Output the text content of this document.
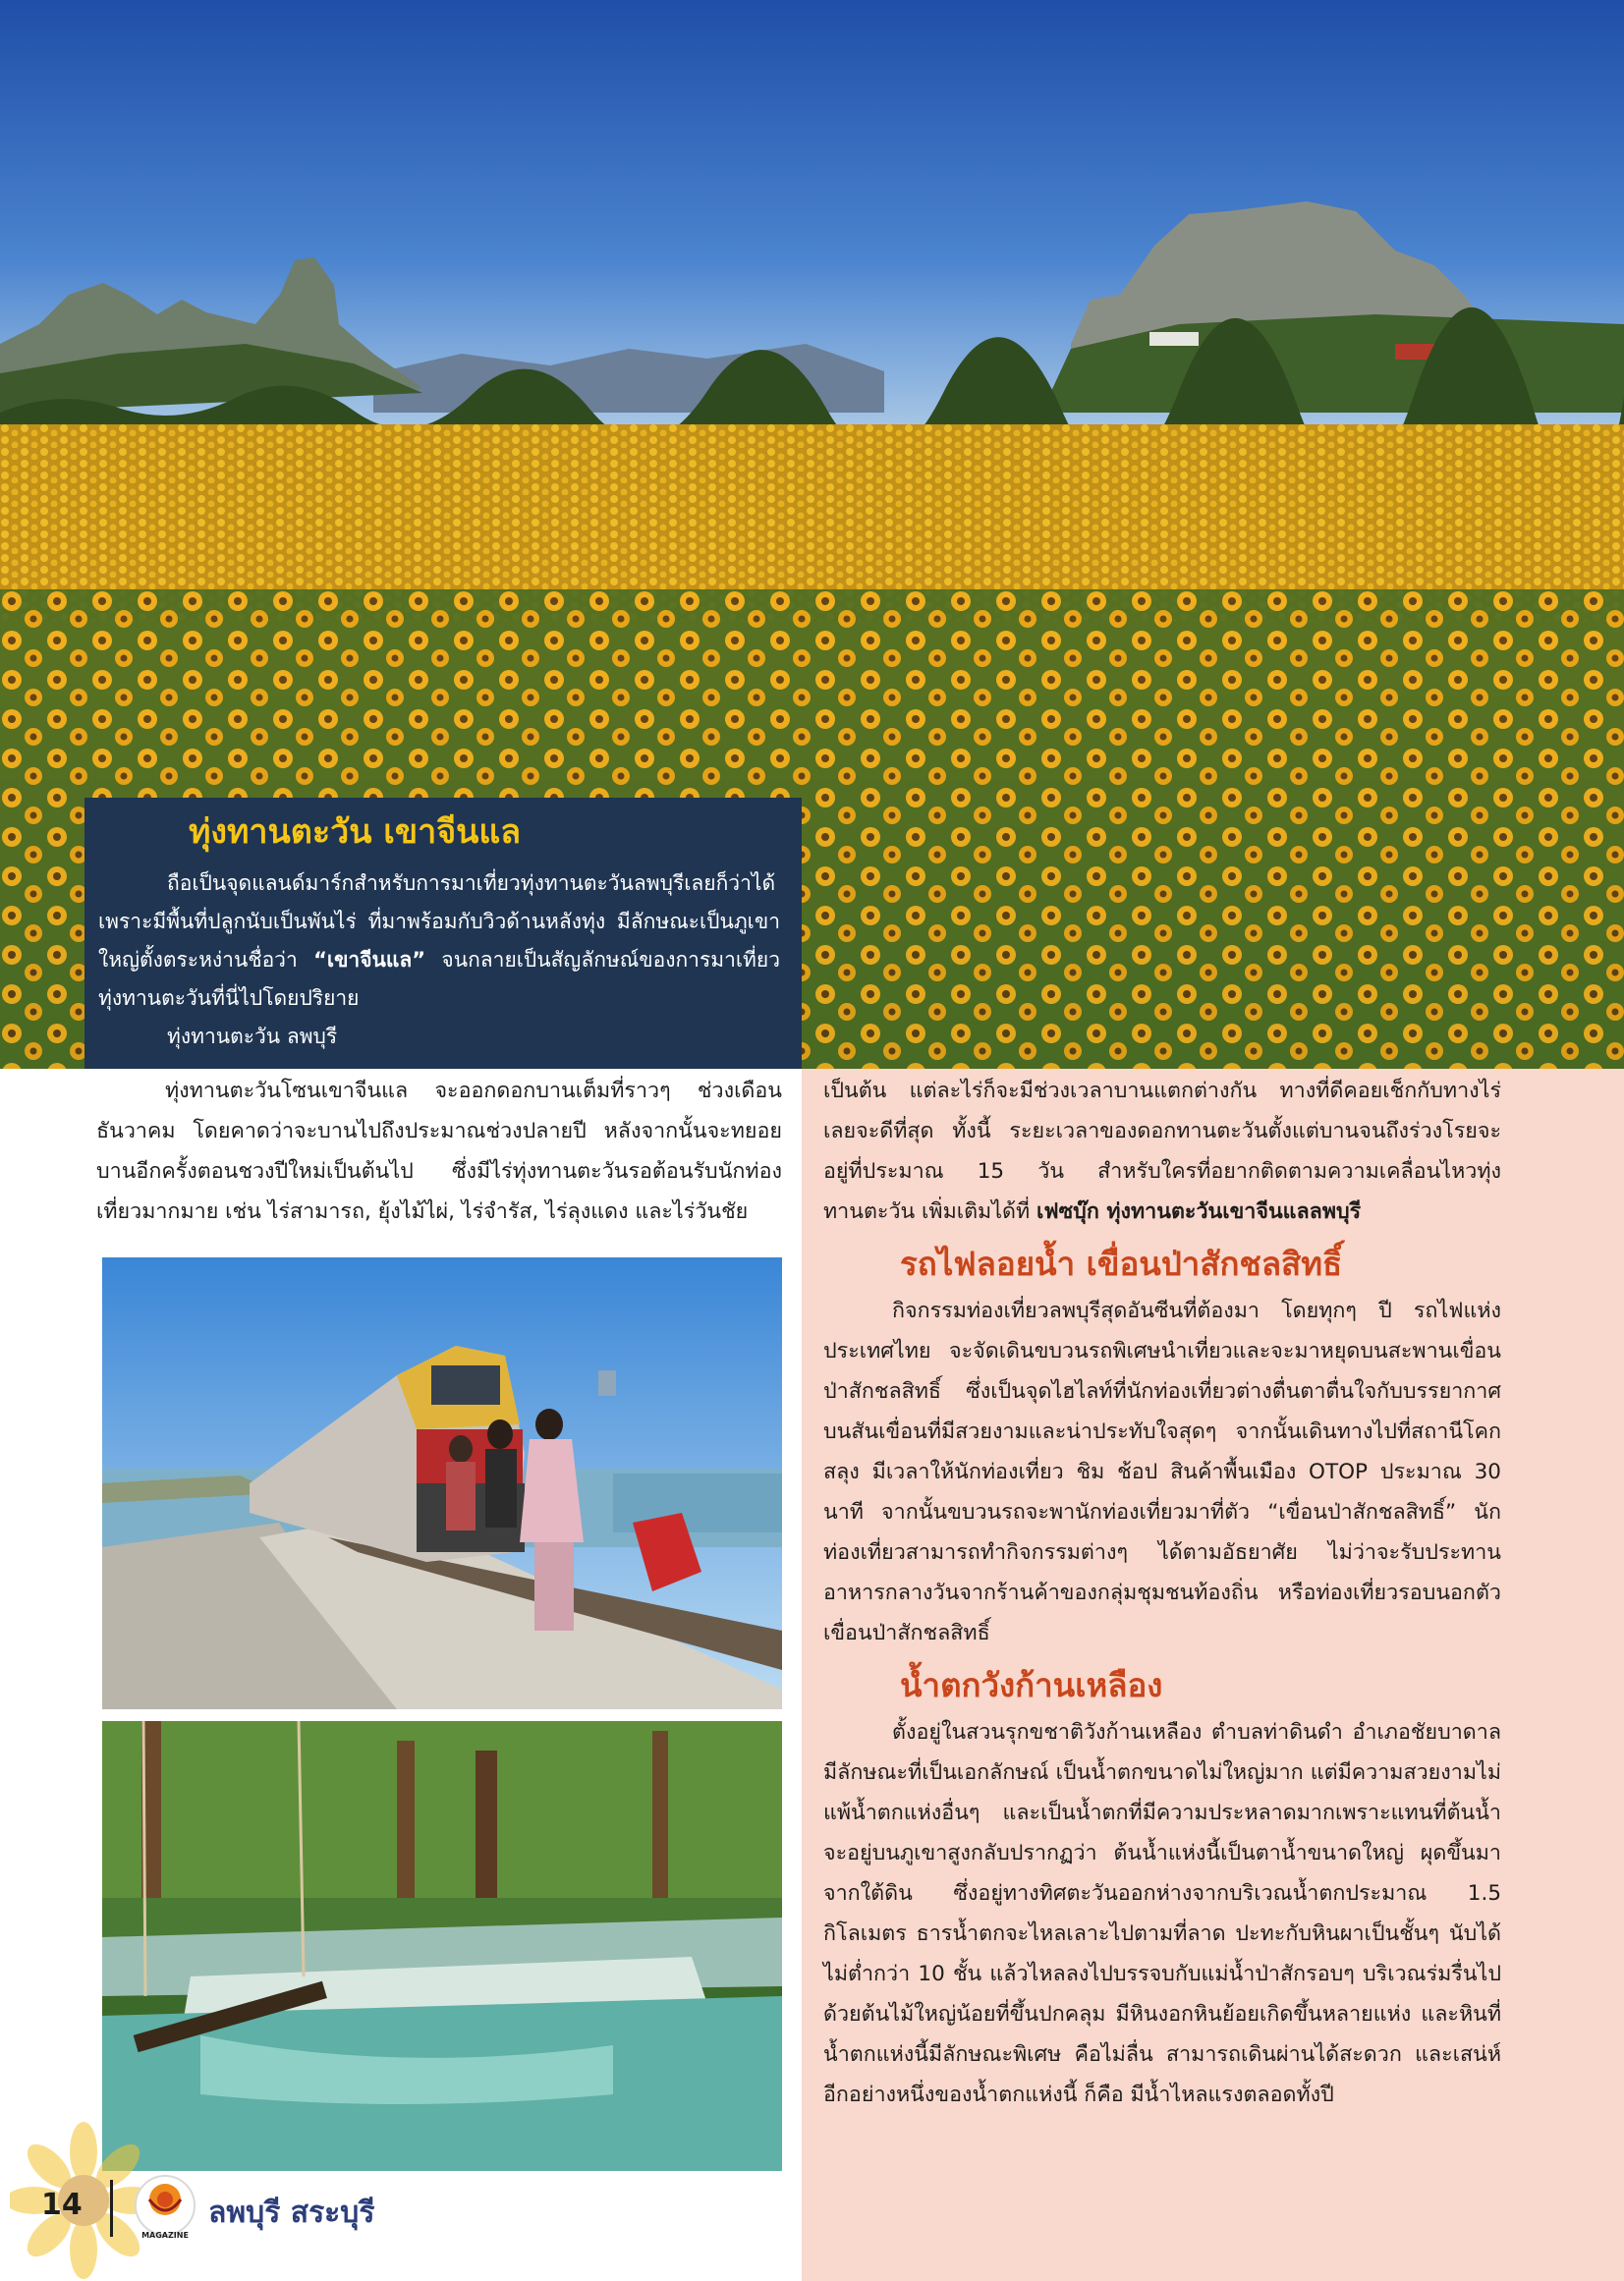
ทุ่งทานตะวัน เขาจีนแล

ถือเป็นจุดแลนด์มาร์กสำหรับการมาเที่ยวทุ่งทานตะวันลพบุรีเลยก็ว่าได้ เพราะมีพื้นที่ปลูกนับเป็นพันไร่ ที่มาพร้อมกับวิวด้านหลังทุ่ง มีลักษณะเป็นภูเขาใหญ่ตั้งตระหง่านชื่อว่า “เขาจีนแล” จนกลายเป็นสัญลักษณ์ของการมาเที่ยวทุ่งทานตะวันที่นี่ไปโดยปริยาย

ทุ่งทานตะวัน ลพบุรี

ทุ่งทานตะวันโซนเขาจีนแล จะออกดอกบานเต็มที่ราวๆ ช่วงเดือนธันวาคม โดยคาดว่าจะบานไปถึงประมาณช่วงปลายปี หลังจากนั้นจะทยอยบานอีกครั้งตอนชวงปีใหม่เป็นต้นไป ซึ่งมีไร่ทุ่งทานตะวันรอต้อนรับนักท่องเที่ยวมากมาย เช่น ไร่สามารถ, ยุ้งไม้ไผ่, ไร่จำรัส, ไร่ลุงแดง และไร่วันชัย

เป็นต้น แต่ละไร่ก็จะมีช่วงเวลาบานแตกต่างกัน ทางที่ดีคอยเช็กกับทางไร่เลยจะดีที่สุด ทั้งนี้ ระยะเวลาของดอกทานตะวันตั้งแต่บานจนถึงร่วงโรยจะอยู่ที่ประมาณ 15 วัน สำหรับใครที่อยากติดตามความเคลื่อนไหวทุ่งทานตะวัน เพิ่มเติมได้ที่ เฟซบุ๊ก ทุ่งทานตะวันเขาจีนแลลพบุรี

รถไฟลอยน้ำ เขื่อนป่าสักชลสิทธิ์

กิจกรรมท่องเที่ยวลพบุรีสุดอันซีนที่ต้องมา โดยทุกๆ ปี รถไฟแห่งประเทศไทย จะจัดเดินขบวนรถพิเศษนำเที่ยวและจะมาหยุดบนสะพานเขื่อนป่าสักชลสิทธิ์ ซึ่งเป็นจุดไฮไลท์ที่นักท่องเที่ยวต่างตื่นตาตื่นใจกับบรรยากาศบนสันเขื่อนที่มีสวยงามและน่าประทับใจสุดๆ จากนั้นเดินทางไปที่สถานีโคกสลุง มีเวลาให้นักท่องเที่ยว ชิม ช้อป สินค้าพื้นเมือง OTOP ประมาณ 30 นาที จากนั้นขบวนรถจะพานักท่องเที่ยวมาที่ตัว “เขื่อนป่าสักชลสิทธิ์” นักท่องเที่ยวสามารถทำกิจกรรมต่างๆ ได้ตามอัธยาศัย ไม่ว่าจะรับประทานอาหารกลางวันจากร้านค้าของกลุ่มชุมชนท้องถิ่น หรือท่องเที่ยวรอบนอกตัวเขื่อนป่าสักชลสิทธิ์

น้ำตกวังก้านเหลือง

ตั้งอยู่ในสวนรุกขชาติวังก้านเหลือง ตำบลท่าดินดำ อำเภอชัยบาดาล มีลักษณะที่เป็นเอกลักษณ์ เป็นน้ำตกขนาดไม่ใหญ่มาก แต่มีความสวยงามไม่แพ้น้ำตกแห่งอื่นๆ และเป็นน้ำตกที่มีความประหลาดมากเพราะแทนที่ต้นน้ำจะอยู่บนภูเขาสูงกลับปรากฏว่า ต้นน้ำแห่งนี้เป็นตาน้ำขนาดใหญ่ ผุดขึ้นมาจากใต้ดิน ซึ่งอยู่ทางทิศตะวันออกห่างจากบริเวณน้ำตกประมาณ 1.5 กิโลเมตร ธารน้ำตกจะไหลเลาะไปตามที่ลาด ปะทะกับหินผาเป็นชั้นๆ นับได้ไม่ต่ำกว่า 10 ชั้น แล้วไหลลงไปบรรจบกับแม่น้ำป่าสักรอบๆ บริเวณร่มรื่นไปด้วยต้นไม้ใหญ่น้อยที่ขึ้นปกคลุม มีหินงอกหินย้อยเกิดขึ้นหลายแห่ง และหินที่น้ำตกแห่งนี้มีลักษณะพิเศษ คือไม่ลื่น สามารถเดินผ่านได้สะดวก และเสน่ห์อีกอย่างหนึ่งของน้ำตกแห่งนี้ ก็คือ มีน้ำไหลแรงตลอดทั้งปี

14
MAGAZINE
ลพบุรี สระบุรี
